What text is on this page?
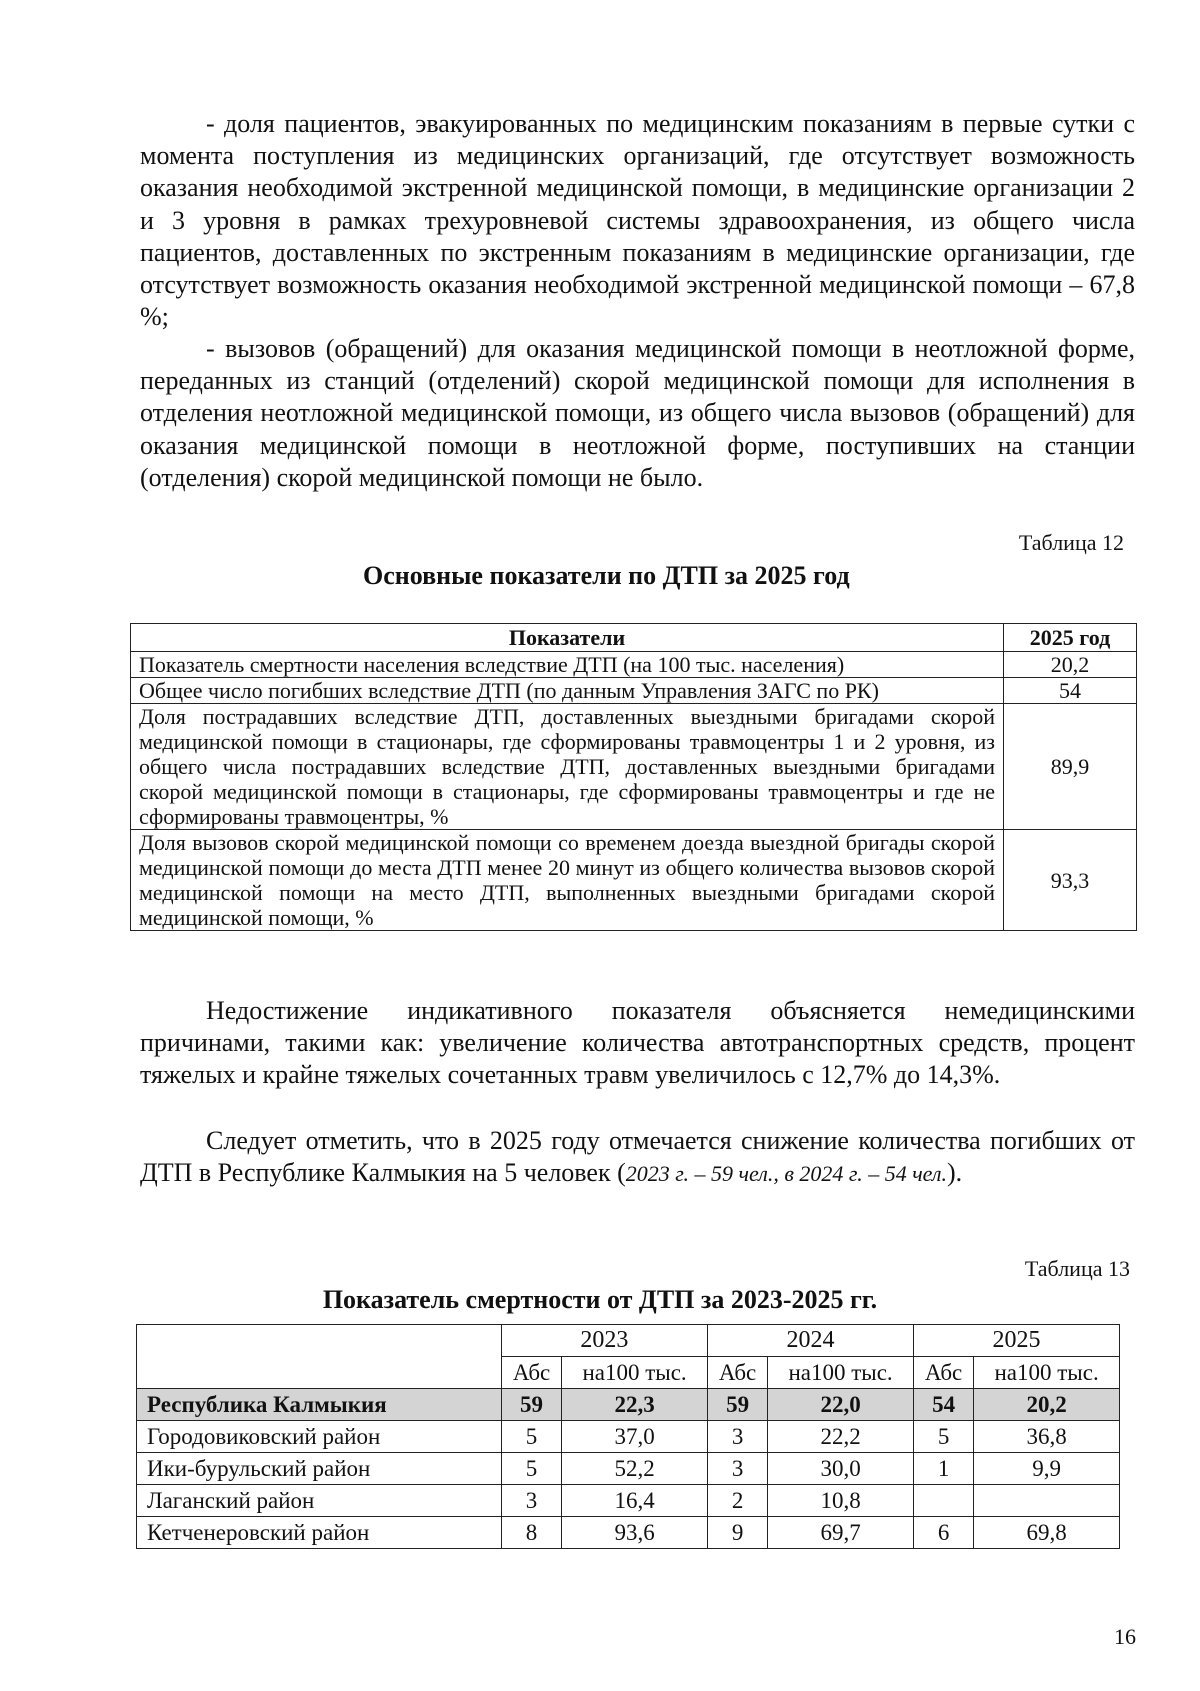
- доля пациентов, эвакуированных по медицинским показаниям в первые сутки с момента поступления из медицинских организаций, где отсутствует возможность оказания необходимой экстренной медицинской помощи, в медицинские организации 2 и 3 уровня в рамках трехуровневой системы здравоохранения, из общего числа пациентов, доставленных по экстренным показаниям в медицинские организации, где отсутствует возможность оказания необходимой экстренной медицинской помощи – 67,8 %;

- вызовов (обращений) для оказания медицинской помощи в неотложной форме, переданных из станций (отделений) скорой медицинской помощи для исполнения в отделения неотложной медицинской помощи, из общего числа вызовов (обращений) для оказания медицинской помощи в неотложной форме, поступивших на станции (отделения) скорой медицинской помощи не было.

Таблица 12

Основные показатели по ДТП за 2025 год

Показатели	2025 год
Показатель смертности населения вследствие ДТП (на 100 тыс. населения)	20,2
Общее число погибших вследствие ДТП (по данным Управления ЗАГС по РК)	54
Доля пострадавших вследствие ДТП, доставленных выездными бригадами скорой медицинской помощи в стационары, где сформированы травмоцентры 1 и 2 уровня, из общего числа пострадавших вследствие ДТП, доставленных выездными бригадами скорой медицинской помощи в стационары, где сформированы травмоцентры и где не сформированы травмоцентры, %	89,9
Доля вызовов скорой медицинской помощи со временем доезда выездной бригады скорой медицинской помощи до места ДТП менее 20 минут из общего количества вызовов скорой медицинской помощи на место ДТП, выполненных выездными бригадами скорой медицинской помощи, %	93,3

Недостижение индикативного показателя объясняется немедицинскими причинами, такими как: увеличение количества автотранспортных средств, процент тяжелых и крайне тяжелых сочетанных травм увеличилось с 12,7% до 14,3%.

Следует отметить, что в 2025 году отмечается снижение количества погибших от ДТП в Республике Калмыкия на 5 человек (2023 г. – 59 чел., в 2024 г. – 54 чел.).

Таблица 13

Показатель смертности от ДТП за 2023-2025 гг.

	2023		2024		2025	
	Абс	на100 тыс.	Абс	на100 тыс.	Абс	на100 тыс.
Республика Калмыкия	59	22,3	59	22,0	54	20,2
Городовиковский район	5	37,0	3	22,2	5	36,8
Ики-бурульский район	5	52,2	3	30,0	1	9,9
Лаганский район	3	16,4	2	10,8		
Кетченеровский район	8	93,6	9	69,7	6	69,8

16
